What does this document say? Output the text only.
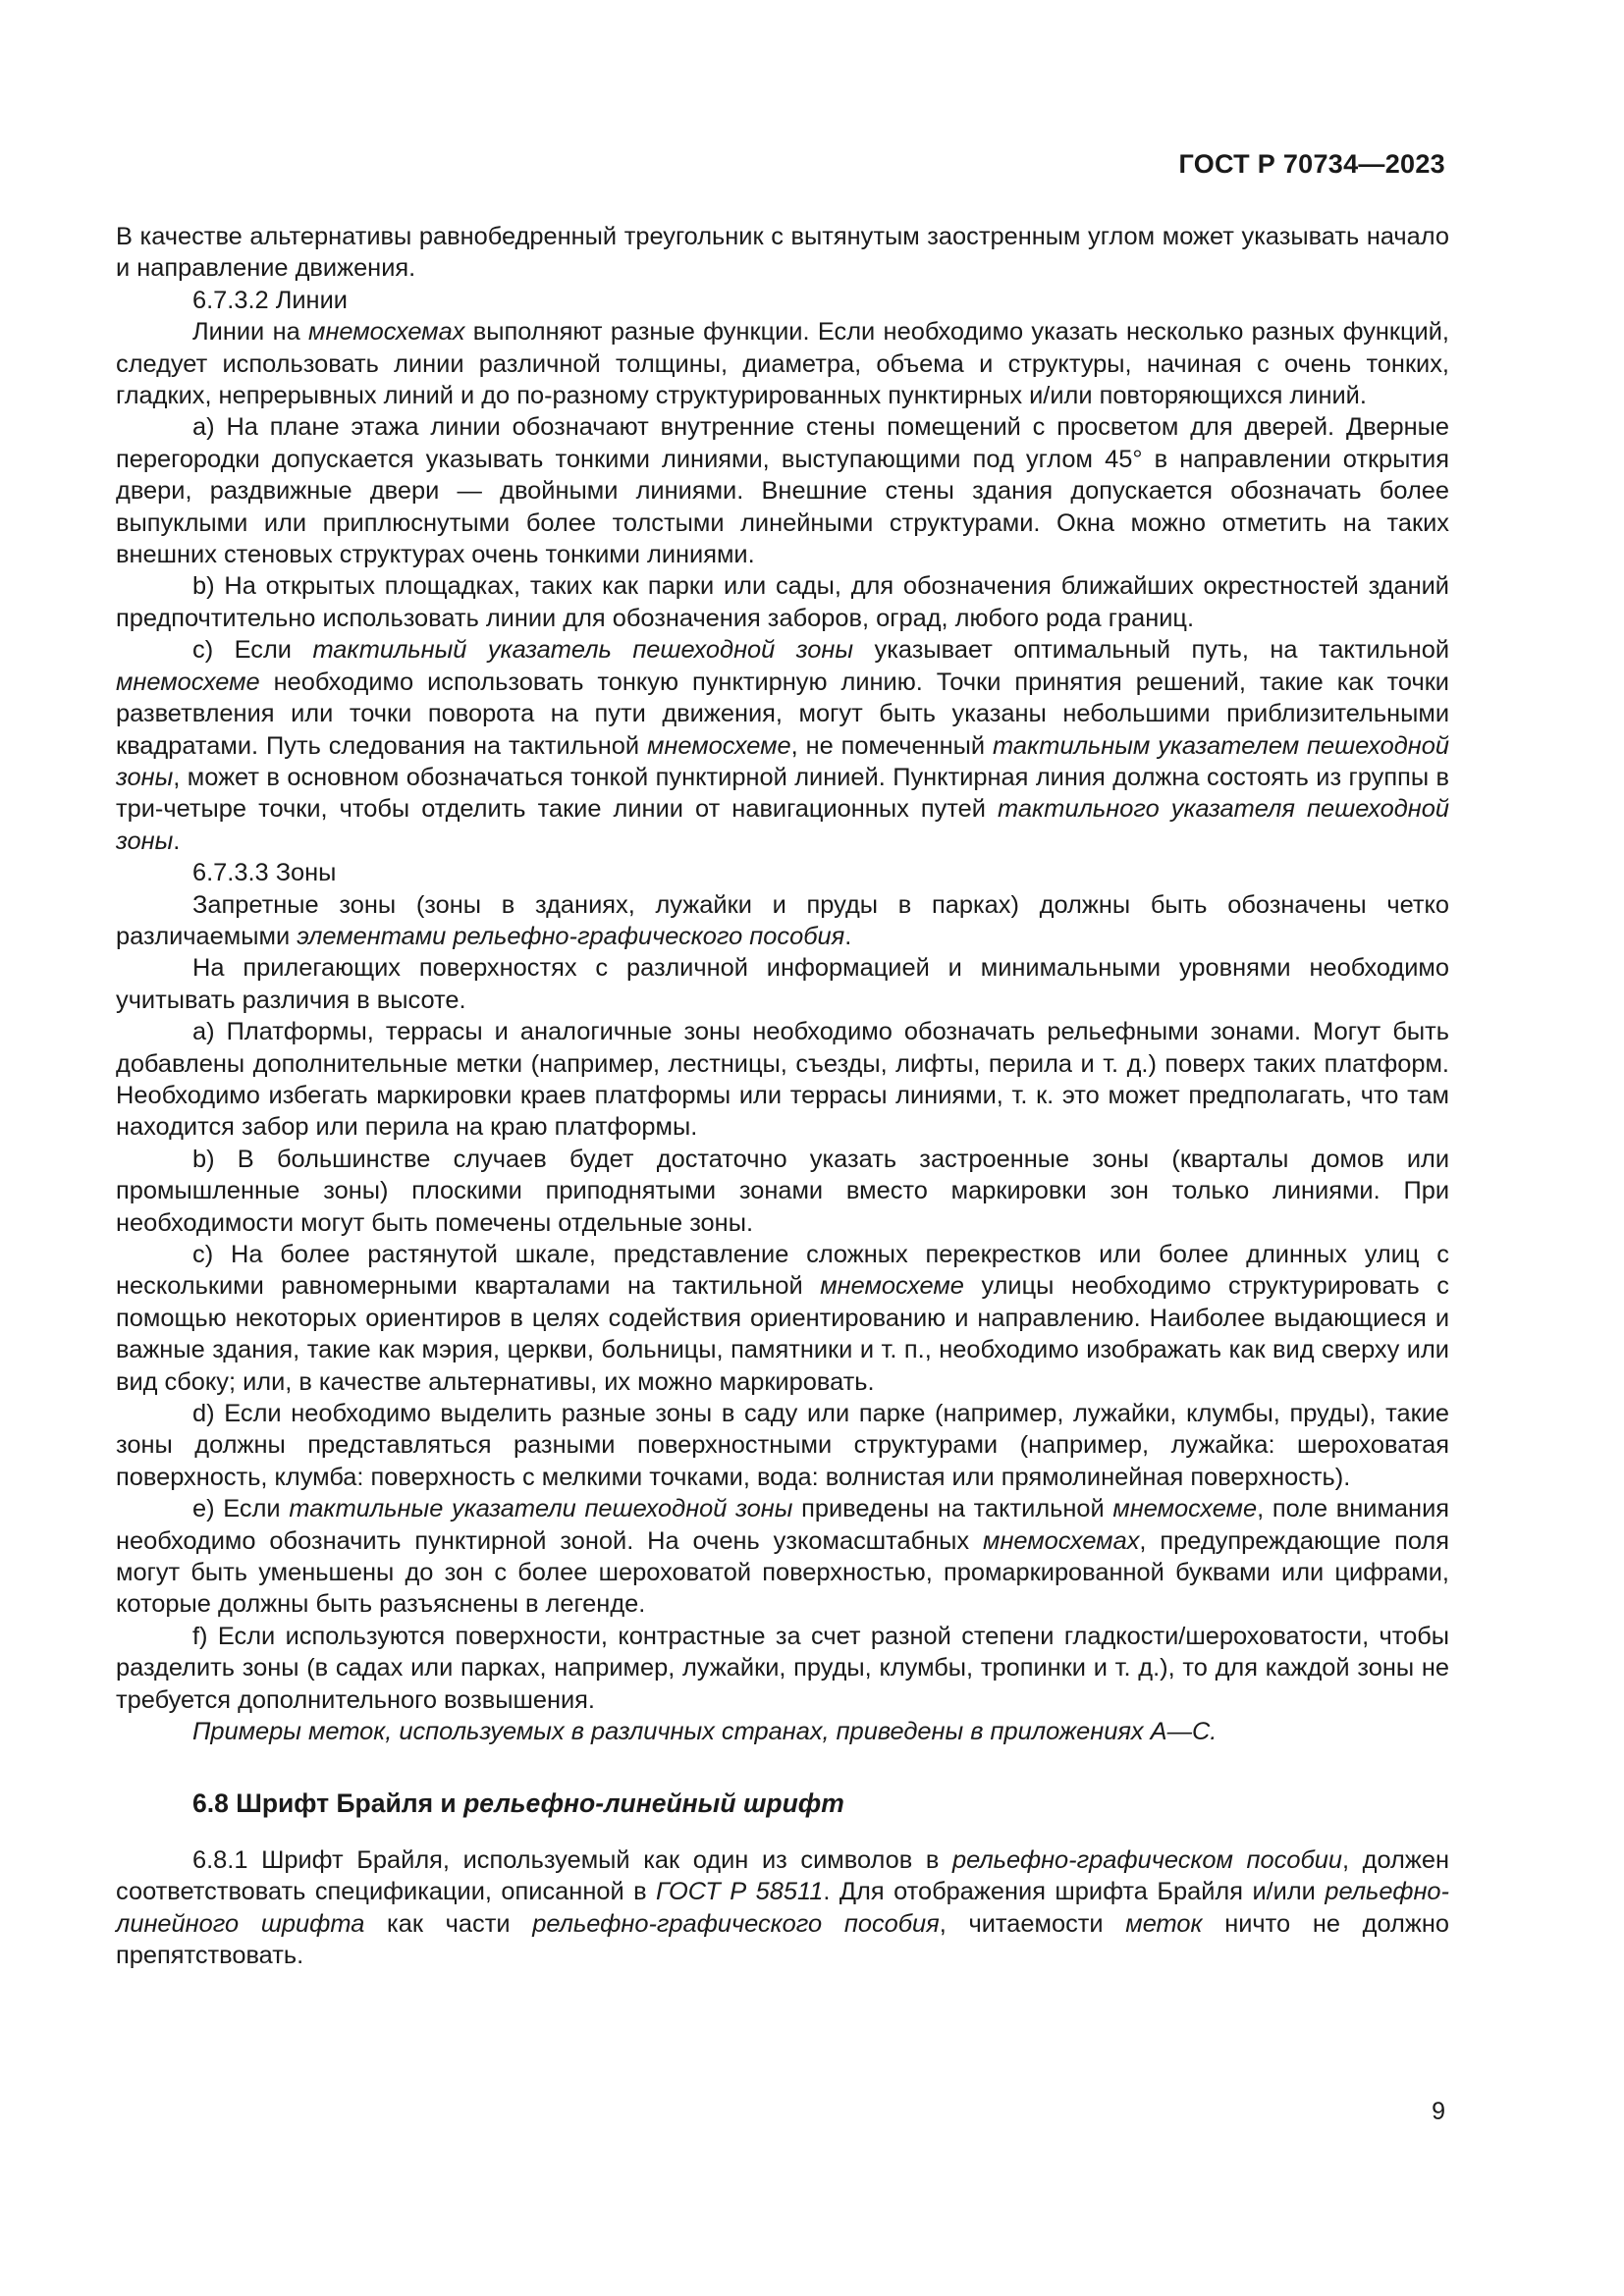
ГОСТ Р 70734—2023

В качестве альтернативы равнобедренный треугольник с вытянутым заостренным углом может указывать начало и направление движения.

6.7.3.2 Линии

Линии на мнемосхемах выполняют разные функции. Если необходимо указать несколько разных функций, следует использовать линии различной толщины, диаметра, объема и структуры, начиная с очень тонких, гладких, непрерывных линий и до по-разному структурированных пунктирных и/или повторяющихся линий.

a) На плане этажа линии обозначают внутренние стены помещений с просветом для дверей. Дверные перегородки допускается указывать тонкими линиями, выступающими под углом 45° в направлении открытия двери, раздвижные двери — двойными линиями. Внешние стены здания допускается обозначать более выпуклыми или приплюснутыми более толстыми линейными структурами. Окна можно отметить на таких внешних стеновых структурах очень тонкими линиями.

b) На открытых площадках, таких как парки или сады, для обозначения ближайших окрестностей зданий предпочтительно использовать линии для обозначения заборов, оград, любого рода границ.

c) Если тактильный указатель пешеходной зоны указывает оптимальный путь, на тактильной мнемосхеме необходимо использовать тонкую пунктирную линию. Точки принятия решений, такие как точки разветвления или точки поворота на пути движения, могут быть указаны небольшими приблизительными квадратами. Путь следования на тактильной мнемосхеме, не помеченный тактильным указателем пешеходной зоны, может в основном обозначаться тонкой пунктирной линией. Пунктирная линия должна состоять из группы в три-четыре точки, чтобы отделить такие линии от навигационных путей тактильного указателя пешеходной зоны.

6.7.3.3 Зоны

Запретные зоны (зоны в зданиях, лужайки и пруды в парках) должны быть обозначены четко различаемыми элементами рельефно-графического пособия.

На прилегающих поверхностях с различной информацией и минимальными уровнями необходимо учитывать различия в высоте.

a) Платформы, террасы и аналогичные зоны необходимо обозначать рельефными зонами. Могут быть добавлены дополнительные метки (например, лестницы, съезды, лифты, перила и т. д.) поверх таких платформ. Необходимо избегать маркировки краев платформы или террасы линиями, т. к. это может предполагать, что там находится забор или перила на краю платформы.

b) В большинстве случаев будет достаточно указать застроенные зоны (кварталы домов или промышленные зоны) плоскими приподнятыми зонами вместо маркировки зон только линиями. При необходимости могут быть помечены отдельные зоны.

c) На более растянутой шкале, представление сложных перекрестков или более длинных улиц с несколькими равномерными кварталами на тактильной мнемосхеме улицы необходимо структурировать с помощью некоторых ориентиров в целях содействия ориентированию и направлению. Наиболее выдающиеся и важные здания, такие как мэрия, церкви, больницы, памятники и т. п., необходимо изображать как вид сверху или вид сбоку; или, в качестве альтернативы, их можно маркировать.

d) Если необходимо выделить разные зоны в саду или парке (например, лужайки, клумбы, пруды), такие зоны должны представляться разными поверхностными структурами (например, лужайка: шероховатая поверхность, клумба: поверхность с мелкими точками, вода: волнистая или прямолинейная поверхность).

e) Если тактильные указатели пешеходной зоны приведены на тактильной мнемосхеме, поле внимания необходимо обозначить пунктирной зоной. На очень узкомасштабных мнемосхемах, предупреждающие поля могут быть уменьшены до зон с более шероховатой поверхностью, промаркированной буквами или цифрами, которые должны быть разъяснены в легенде.

f) Если используются поверхности, контрастные за счет разной степени гладкости/шероховатости, чтобы разделить зоны (в садах или парках, например, лужайки, пруды, клумбы, тропинки и т. д.), то для каждой зоны не требуется дополнительного возвышения.

Примеры меток, используемых в различных странах, приведены в приложениях А—С.

6.8 Шрифт Брайля и рельефно-линейный шрифт

6.8.1 Шрифт Брайля, используемый как один из символов в рельефно-графическом пособии, должен соответствовать спецификации, описанной в ГОСТ Р 58511. Для отображения шрифта Брайля и/или рельефно-линейного шрифта как части рельефно-графического пособия, читаемости меток ничто не должно препятствовать.

9
